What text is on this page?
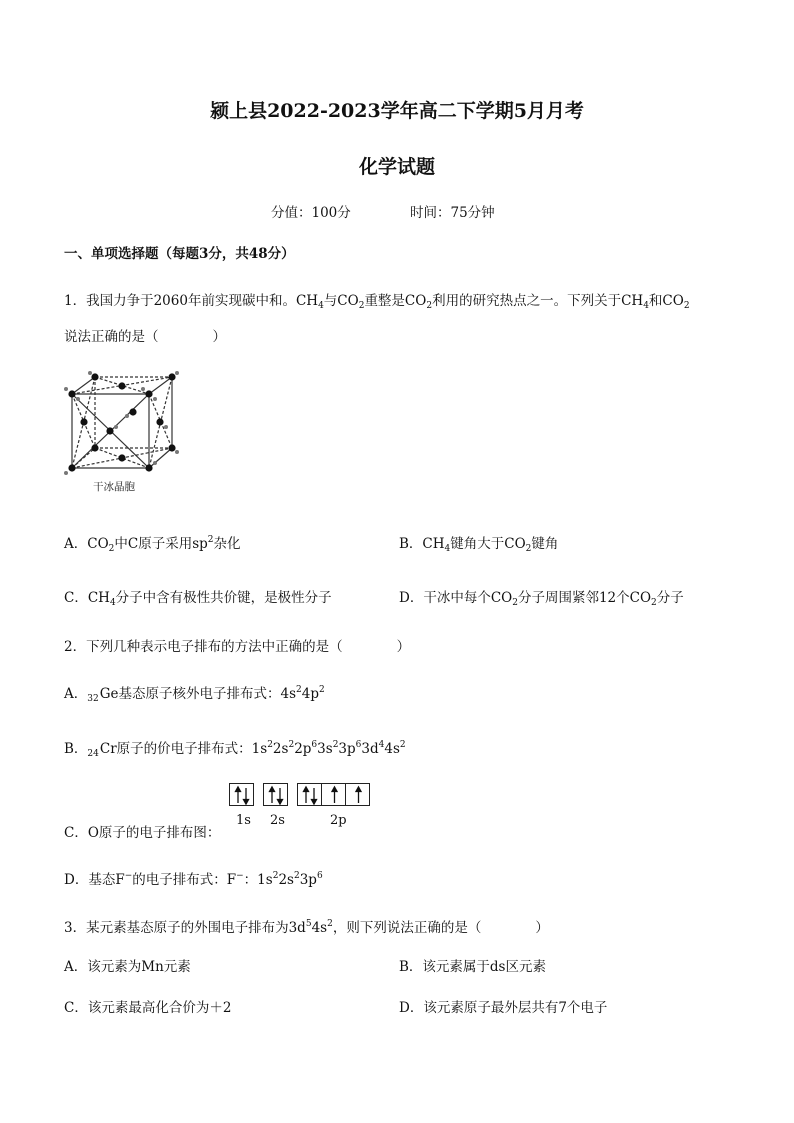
颍上县2022-2023学年高二下学期5月月考
化学试题
分值：100分	时间：75分钟
一、单项选择题（每题3分，共48分）
1．我国力争于2060年前实现碳中和。$CH_4$与$CO_2$重整是$CO_2$利用的研究热点之一。下列关于$CH_4$和$CO_2$
说法正确的是（　　　　）
干冰晶胞
A．$CO_2$中C原子采用$sp^2$杂化	B．$CH_4$键角大于$CO_2$键角
C．$CH_4$分子中含有极性共价键，是极性分子	D．干冰中每个$CO_2$分子周围紧邻12个$CO_2$分子
2．下列几种表示电子排布的方法中正确的是（　　　　）
A．$_{32}$Ge基态原子核外电子排布式：$4s^24p^2$
B．$_{24}$Cr原子的价电子排布式：$1s^22s^22p^63s^23p^63d^44s^2$
1s 2s	2p
C．O原子的电子排布图：
D．基态F−的电子排布式：F−：$1s^22s^23p^6$
3．某元素基态原子的外围电子排布为$3d^54s^2$，则下列说法正确的是（　　　　）
A．该元素为Mn元素	B．该元素属于ds区元素
C．该元素最高化合价为＋2	D．该元素原子最外层共有7个电子
